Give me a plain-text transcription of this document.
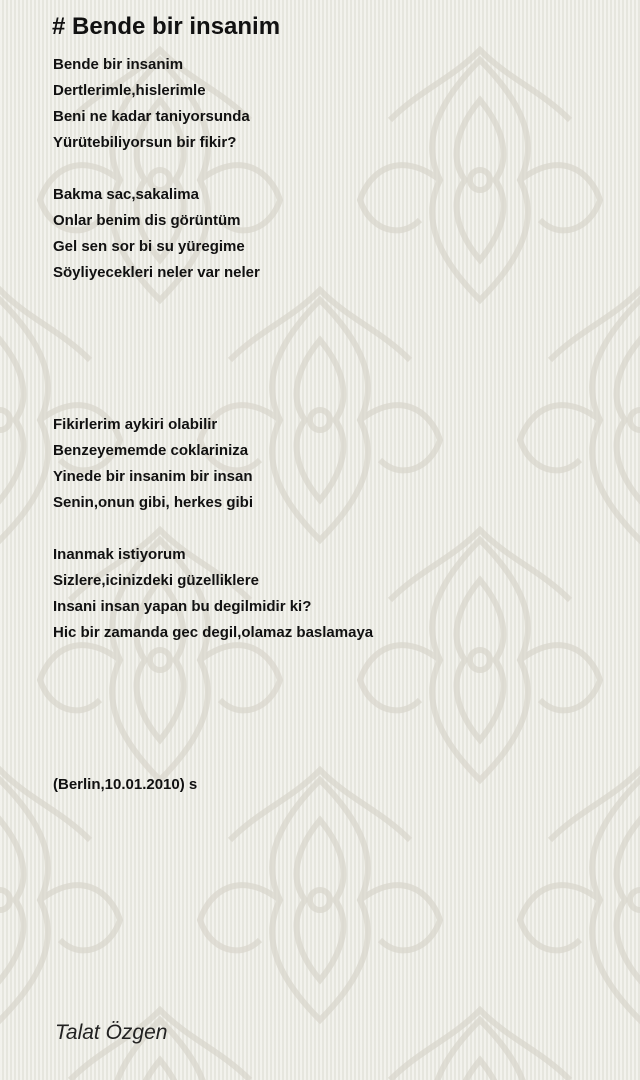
# Bende bir insanim
Bende bir insanim
Dertlerimle,hislerimle
Beni ne kadar taniyorsunda
Yürütebiliyorsun bir fikir?
Bakma sac,sakalima
Onlar benim dis görüntüm
Gel sen sor bi su yüregime
Söyliyecekleri neler var neler
Fikirlerim aykiri olabilir
Benzeyememde coklariniza
Yinede bir insanim bir insan
Senin,onun gibi, herkes gibi
Inanmak istiyorum
Sizlere,icinizdeki güzelliklere
Insani insan yapan bu degilmidir ki?
Hic bir zamanda gec degil,olamaz baslamaya
(Berlin,10.01.2010) s
Talat Özgen
